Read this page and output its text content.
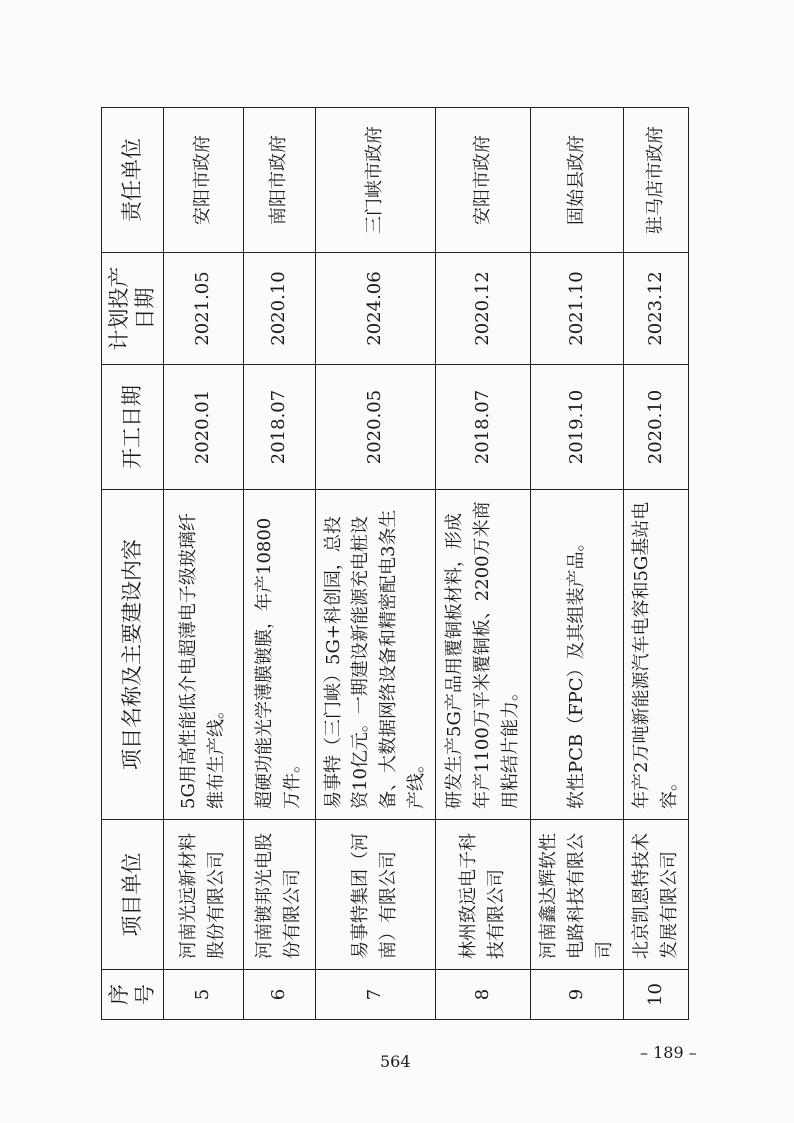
序号	项目单位	项目名称及主要建设内容	开工日期	计划投产日期	责任单位
5	河南光远新材料股份有限公司	5G用高性能低介电超薄电子级玻璃纤维布生产线。	2020.01	2021.05	安阳市政府
6	河南镀邦光电股份有限公司	超硬功能光学薄膜镀膜，年产10800万件。	2018.07	2020.10	南阳市政府
7	易事特集团（河南）有限公司	易事特（三门峡）5G+科创园，总投资10亿元。一期建设新能源充电桩设备、大数据网络设备和精密配电3条生产线。	2020.05	2024.06	三门峡市政府
8	林州致远电子科技有限公司	研发生产5G产品用覆铜板材料，形成年产1100万平米覆铜板、2200万米商用粘结片能力。	2018.07	2020.12	安阳市政府
9	河南鑫达辉软性电路科技有限公司	软性PCB（FPC）及其组装产品。	2019.10	2021.10	固始县政府
10	北京凯恩特技术发展有限公司	年产2万吨新能源汽车电容和5G基站电容。	2020.10	2023.12	驻马店市政府
564	– 189 –
